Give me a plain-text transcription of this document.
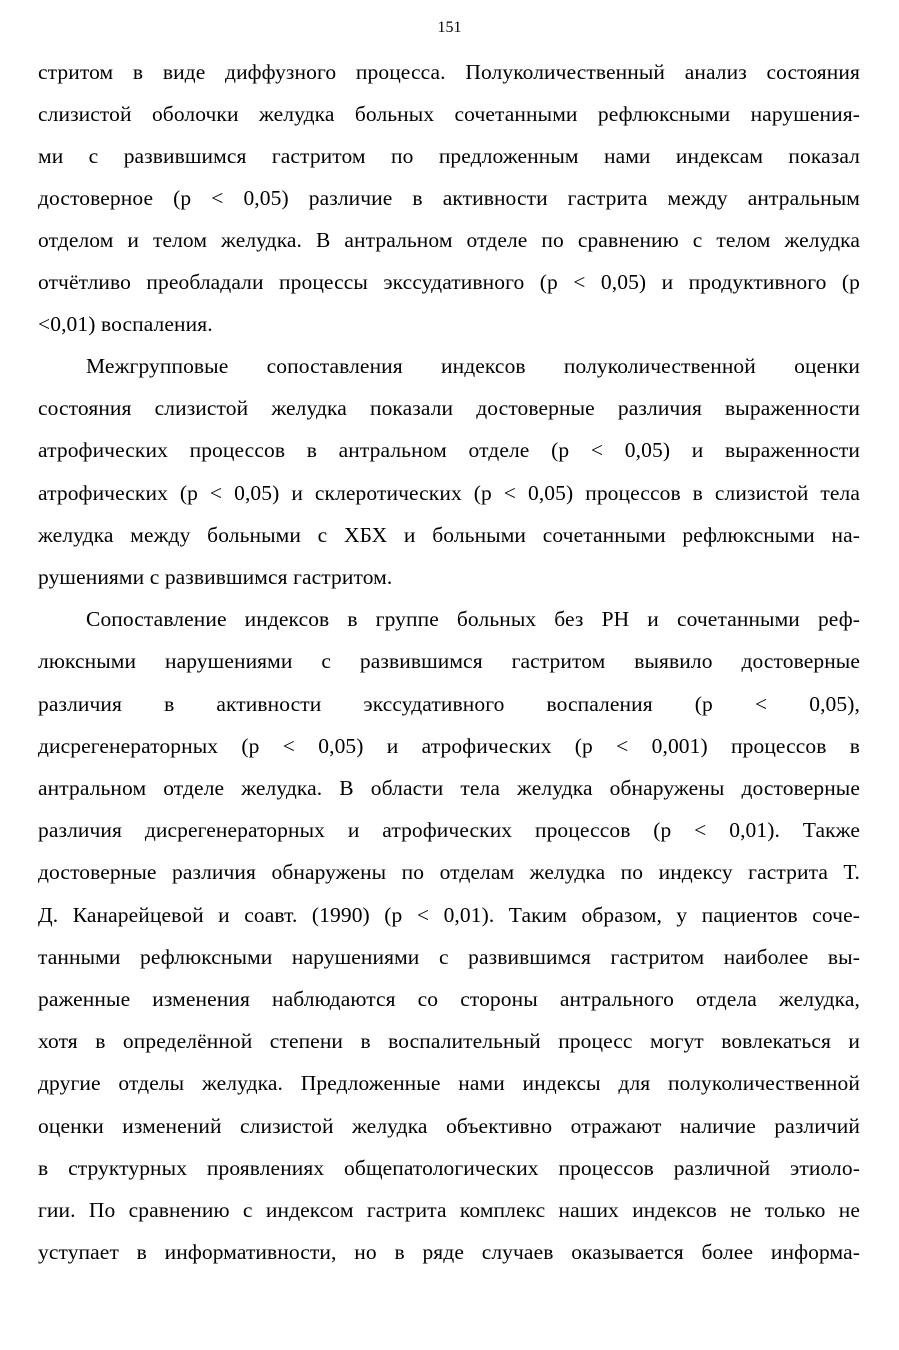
151
стритом в виде диффузного процесса. Полуколичественный анализ состояния
слизистой оболочки желудка больных сочетанными рефлюксными нарушения-
ми с развившимся гастритом по предложенным нами индексам показал
достоверное (р < 0,05) различие в активности гастрита между антральным
отделом и телом желудка. В антральном отделе по сравнению с телом желудка
отчётливо преобладали процессы экссудативного (р < 0,05) и продуктивного (р
<0,01) воспаления.
Межгрупповые сопоставления индексов полуколичественной оценки
состояния слизистой желудка показали достоверные различия выраженности
атрофических процессов в антральном отделе (р < 0,05) и выраженности
атрофических (р < 0,05) и склеротических (р < 0,05) процессов в слизистой тела
желудка между больными с ХБХ и больными сочетанными рефлюксными на-
рушениями с развившимся гастритом.
Сопоставление индексов в группе больных без РН и сочетанными реф-
люксными нарушениями с развившимся гастритом выявило достоверные
различия в активности экссудативного воспаления (р < 0,05),
дисрегенераторных (р < 0,05) и атрофических (р < 0,001) процессов в
антральном отделе желудка. В области тела желудка обнаружены достоверные
различия дисрегенераторных и атрофических процессов (р < 0,01). Также
достоверные различия обнаружены по отделам желудка по индексу гастрита Т.
Д. Канарейцевой и соавт. (1990) (р < 0,01). Таким образом, у пациентов соче-
танными рефлюксными нарушениями с развившимся гастритом наиболее вы-
раженные изменения наблюдаются со стороны антрального отдела желудка,
хотя в определённой степени в воспалительный процесс могут вовлекаться и
другие отделы желудка. Предложенные нами индексы для полуколичественной
оценки изменений слизистой желудка объективно отражают наличие различий
в структурных проявлениях общепатологических процессов различной этиоло-
гии. По сравнению с индексом гастрита комплекс наших индексов не только не
уступает в информативности, но в ряде случаев оказывается более информа-
